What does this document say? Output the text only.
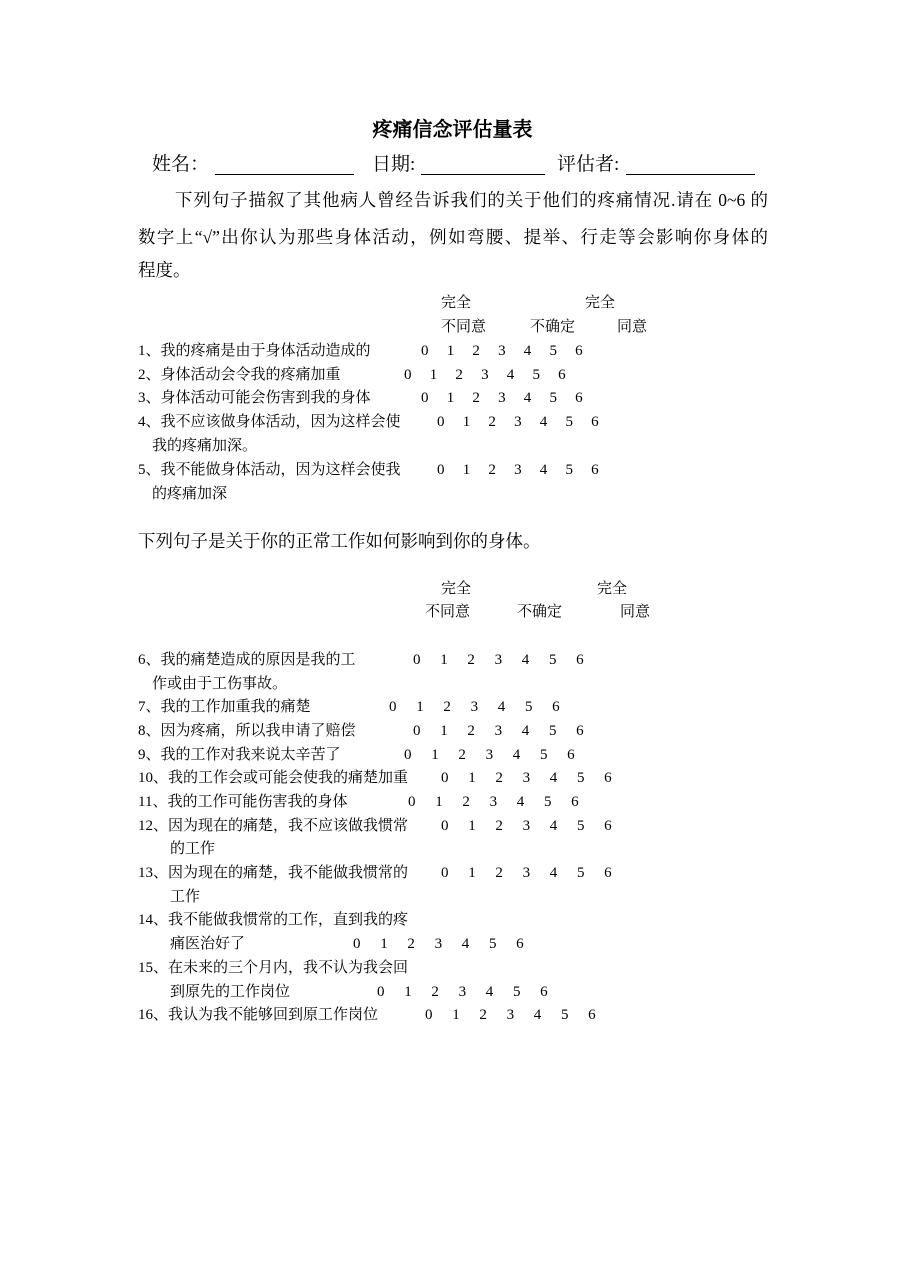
疼痛信念评估量表
姓名：	日期:	评估者:
下列句子描叙了其他病人曾经告诉我们的关于他们的疼痛情况.请在 0~6 的
数字上“√”出你认为那些身体活动，例如弯腰、提举、行走等会影响你身体的
程度。
完全	完全
不同意	不确定	同意
1、我的疼痛是由于身体活动造成的	0 1 2 3 4 5 6
2、身体活动会令我的疼痛加重	0 1 2 3 4 5 6
3、身体活动可能会伤害到我的身体	0 1 2 3 4 5 6
4、我不应该做身体活动，因为这样会使 0 1 2 3 4 5 6
我的疼痛加深。
5、我不能做身体活动，因为这样会使我 0 1 2 3 4 5 6
的疼痛加深
下列句子是关于你的正常工作如何影响到你的身体。
完全	完全
不同意	不确定	同意
6、我的痛楚造成的原因是我的工	0 1 2 3 4 5 6
作或由于工伤事故。
7、我的工作加重我的痛楚	0 1 2 3 4 5 6
8、因为疼痛，所以我申请了赔偿	0 1 2 3 4 5 6
9、我的工作对我来说太辛苦了	0 1 2 3 4 5 6
10、我的工作会或可能会使我的痛楚加重 0 1 2 3 4 5 6
11、我的工作可能伤害我的身体	0 1 2 3 4 5 6
12、因为现在的痛楚，我不应该做我惯常 0 1 2 3 4 5 6
的工作
13、因为现在的痛楚，我不能做我惯常的 0 1 2 3 4 5 6
工作
14、我不能做我惯常的工作，直到我的疼
痛医治好了	0 1 2 3 4 5 6
15、在未来的三个月内，我不认为我会回
到原先的工作岗位	0 1 2 3 4 5 6
16、我认为我不能够回到原工作岗位	0 1 2 3 4 5 6
